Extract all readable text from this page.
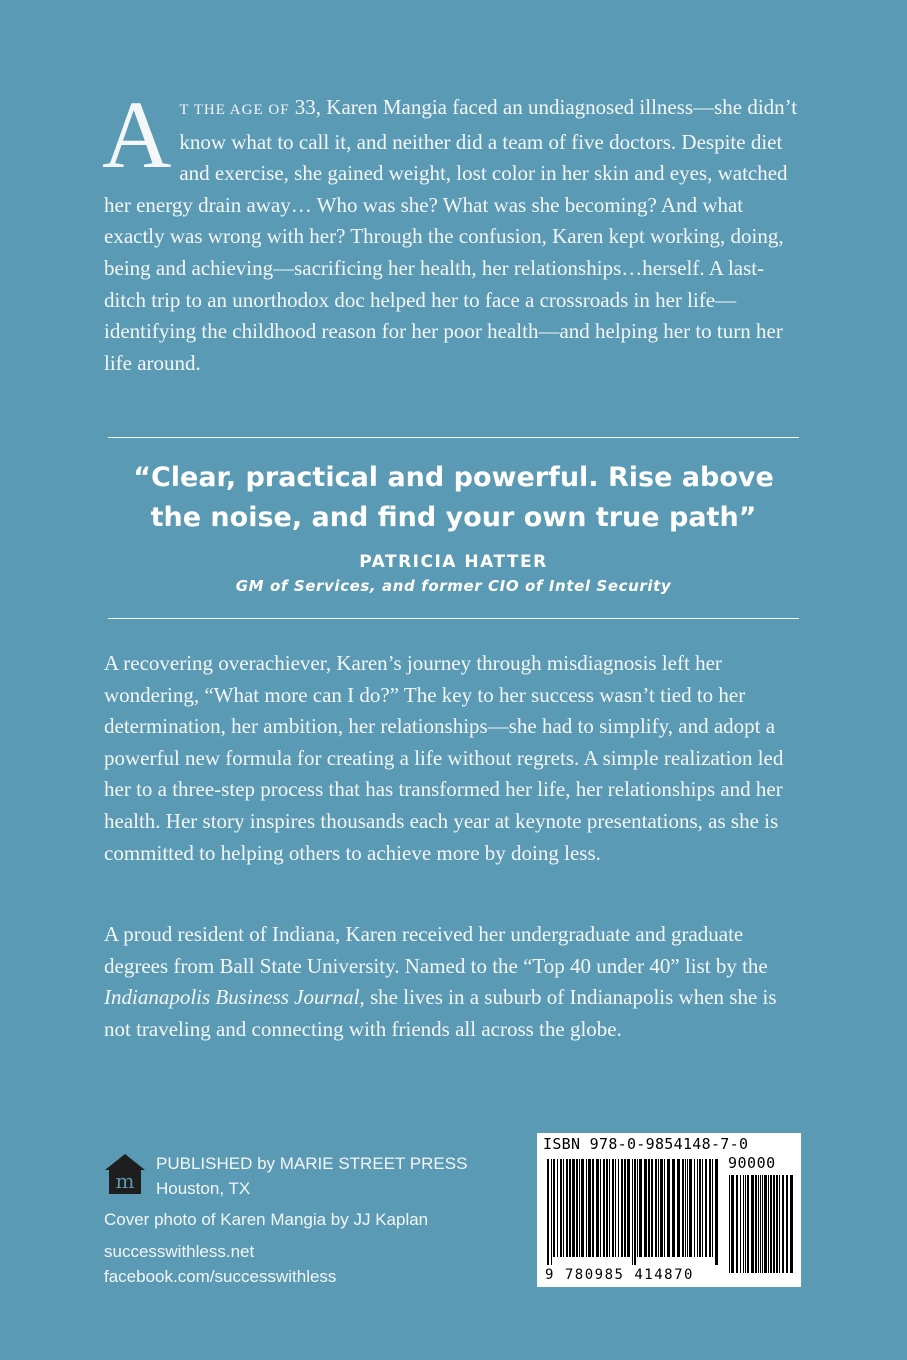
A T THE AGE OF 33, Karen Mangia faced an undiagnosed illness—she didn’t know what to call it, and neither did a team of five doctors. Despite diet and exercise, she gained weight, lost color in her skin and eyes, watched her energy drain away… Who was she? What was she becoming? And what exactly was wrong with her? Through the confusion, Karen kept working, doing, being and achieving—sacrificing her health, her relationships…herself. A last-ditch trip to an unorthodox doc helped her to face a crossroads in her life—identifying the childhood reason for her poor health—and helping her to turn her life around.

“Clear, practical and powerful. Rise above
the noise, and find your own true path”

PATRICIA HATTER

GM of Services, and former CIO of Intel Security

A recovering overachiever, Karen’s journey through misdiagnosis left her wondering, “What more can I do?” The key to her success wasn’t tied to her determination, her ambition, her relationships—she had to simplify, and adopt a powerful new formula for creating a life without regrets. A simple realization led her to a three-step process that has transformed her life, her relationships and her health. Her story inspires thousands each year at keynote presentations, as she is committed to helping others to achieve more by doing less.

A proud resident of Indiana, Karen received her undergraduate and graduate degrees from Ball State University. Named to the “Top 40 under 40” list by the Indianapolis Business Journal, she lives in a suburb of Indianapolis when she is not traveling and connecting with friends all across the globe.

m

PUBLISHED by MARIE STREET PRESS

Houston, TX

Cover photo of Karen Mangia by JJ Kaplan

successwithless.net

facebook.com/successwithless

ISBN 978-0-9854148-7-0

90000

9 780985 414870
